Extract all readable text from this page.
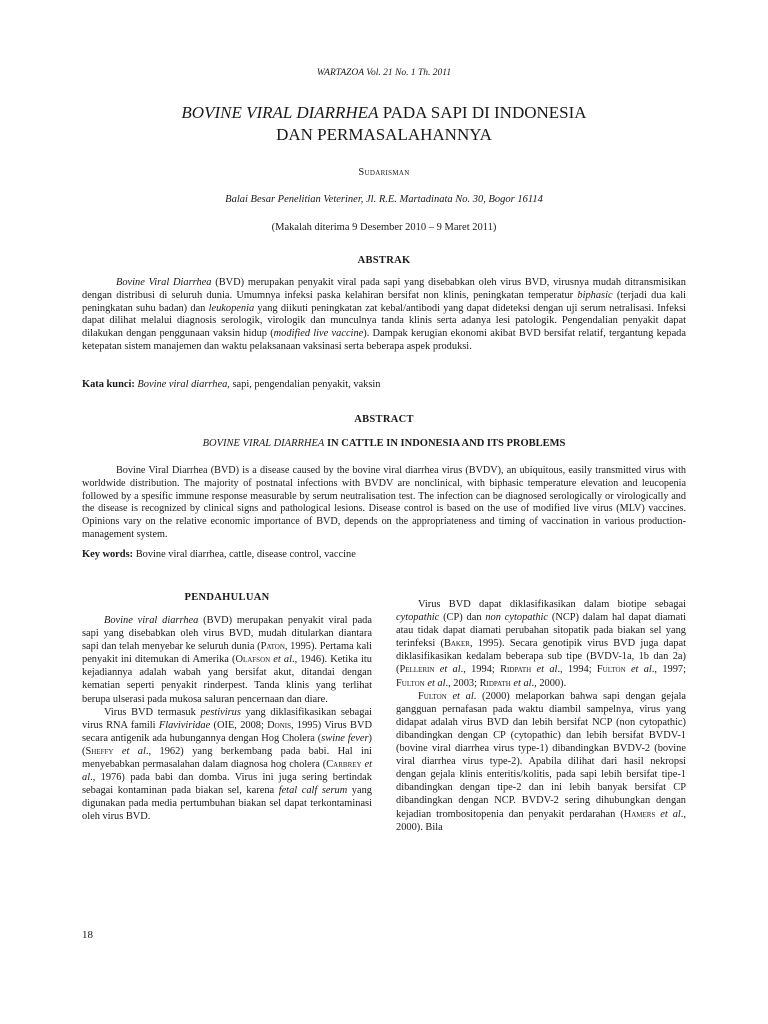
WARTAZOA Vol. 21 No. 1 Th. 2011
BOVINE VIRAL DIARRHEA PADA SAPI DI INDONESIA
DAN PERMASALAHANNYA
Sudarisman
Balai Besar Penelitian Veteriner, Jl. R.E. Martadinata No. 30, Bogor 16114
(Makalah diterima 9 Desember 2010 – 9 Maret 2011)
ABSTRAK
Bovine Viral Diarrhea (BVD) merupakan penyakit viral pada sapi yang disebabkan oleh virus BVD, virusnya mudah ditransmisikan dengan distribusi di seluruh dunia. Umumnya infeksi paska kelahiran bersifat non klinis, peningkatan temperatur biphasic (terjadi dua kali peningkatan suhu badan) dan leukopenia yang diikuti peningkatan zat kebal/antibodi yang dapat dideteksi dengan uji serum netralisasi. Infeksi dapat dilihat melalui diagnosis serologik, virologik dan munculnya tanda klinis serta adanya lesi patologik. Pengendalian penyakit dapat dilakukan dengan penggunaan vaksin hidup (modified live vaccine). Dampak kerugian ekonomi akibat BVD bersifat relatif, tergantung kepada ketepatan sistem manajemen dan waktu pelaksanaan vaksinasi serta beberapa aspek produksi.
Kata kunci: Bovine viral diarrhea, sapi, pengendalian penyakit, vaksin
ABSTRACT
BOVINE VIRAL DIARRHEA IN CATTLE IN INDONESIA AND ITS PROBLEMS
Bovine Viral Diarrhea (BVD) is a disease caused by the bovine viral diarrhea virus (BVDV), an ubiquitous, easily transmitted virus with worldwide distribution. The majority of postnatal infections with BVDV are nonclinical, with biphasic temperature elevation and leucopenia followed by a spesific immune response measurable by serum neutralisation test. The infection can be diagnosed serologically or virologically and the disease is recognized by clinical signs and pathological lesions. Disease control is based on the use of modified live virus (MLV) vaccines. Opinions vary on the relative economic importance of BVD, depends on the appropriateness and timing of vaccination in various production-management system.
Key words: Bovine viral diarrhea, cattle, disease control, vaccine
PENDAHULUAN

Bovine viral diarrhea (BVD) merupakan penyakit viral pada sapi yang disebabkan oleh virus BVD, mudah ditularkan diantara sapi dan telah menyebar ke seluruh dunia (Paton, 1995). Pertama kali penyakit ini ditemukan di Amerika (Olafson et al., 1946). Ketika itu kejadiannya adalah wabah yang bersifat akut, ditandai dengan kematian seperti penyakit rinderpest. Tanda klinis yang terlihat berupa ulserasi pada mukosa saluran pencernaan dan diare.

Virus BVD termasuk pestivirus yang diklasifikasikan sebagai virus RNA famili Flaviviridae (OIE, 2008; Donis, 1995) Virus BVD secara antigenik ada hubungannya dengan Hog Cholera (swine fever) (Sheffy et al., 1962) yang berkembang pada babi. Hal ini menyebabkan permasalahan dalam diagnosa hog cholera (Carbrey et al., 1976) pada babi dan domba. Virus ini juga sering bertindak sebagai kontaminan pada biakan sel, karena fetal calf serum yang digunakan pada media pertumbuhan biakan sel dapat terkontaminasi oleh virus BVD.

Virus BVD dapat diklasifikasikan dalam biotipe sebagai cytopathic (CP) dan non cytopathic (NCP) dalam hal dapat diamati atau tidak dapat diamati perubahan sitopatik pada biakan sel yang terinfeksi (Baker, 1995). Secara genotipik virus BVD juga dapat diklasifikasikan kedalam beberapa sub tipe (BVDV-1a, 1b dan 2a) (Pellerin et al., 1994; Ridpath et al., 1994; Fulton et al., 1997; Fulton et al., 2003; Ridpath et al., 2000).

Fulton et al. (2000) melaporkan bahwa sapi dengan gejala gangguan pernafasan pada waktu diambil sampelnya, virus yang didapat adalah virus BVD dan lebih bersifat NCP (non cytopathic) dibandingkan dengan CP (cytopathic) dan lebih bersifat BVDV-1 (bovine viral diarrhea virus type-1) dibandingkan BVDV-2 (bovine viral diarrhea virus type-2). Apabila dilihat dari hasil nekropsi dengan gejala klinis enteritis/kolitis, pada sapi lebih bersifat tipe-1 dibandingkan dengan tipe-2 dan ini lebih banyak bersifat CP dibandingkan dengan NCP. BVDV-2 sering dihubungkan dengan kejadian trombositopenia dan penyakit perdarahan (Hamers et al., 2000). Bila

18
